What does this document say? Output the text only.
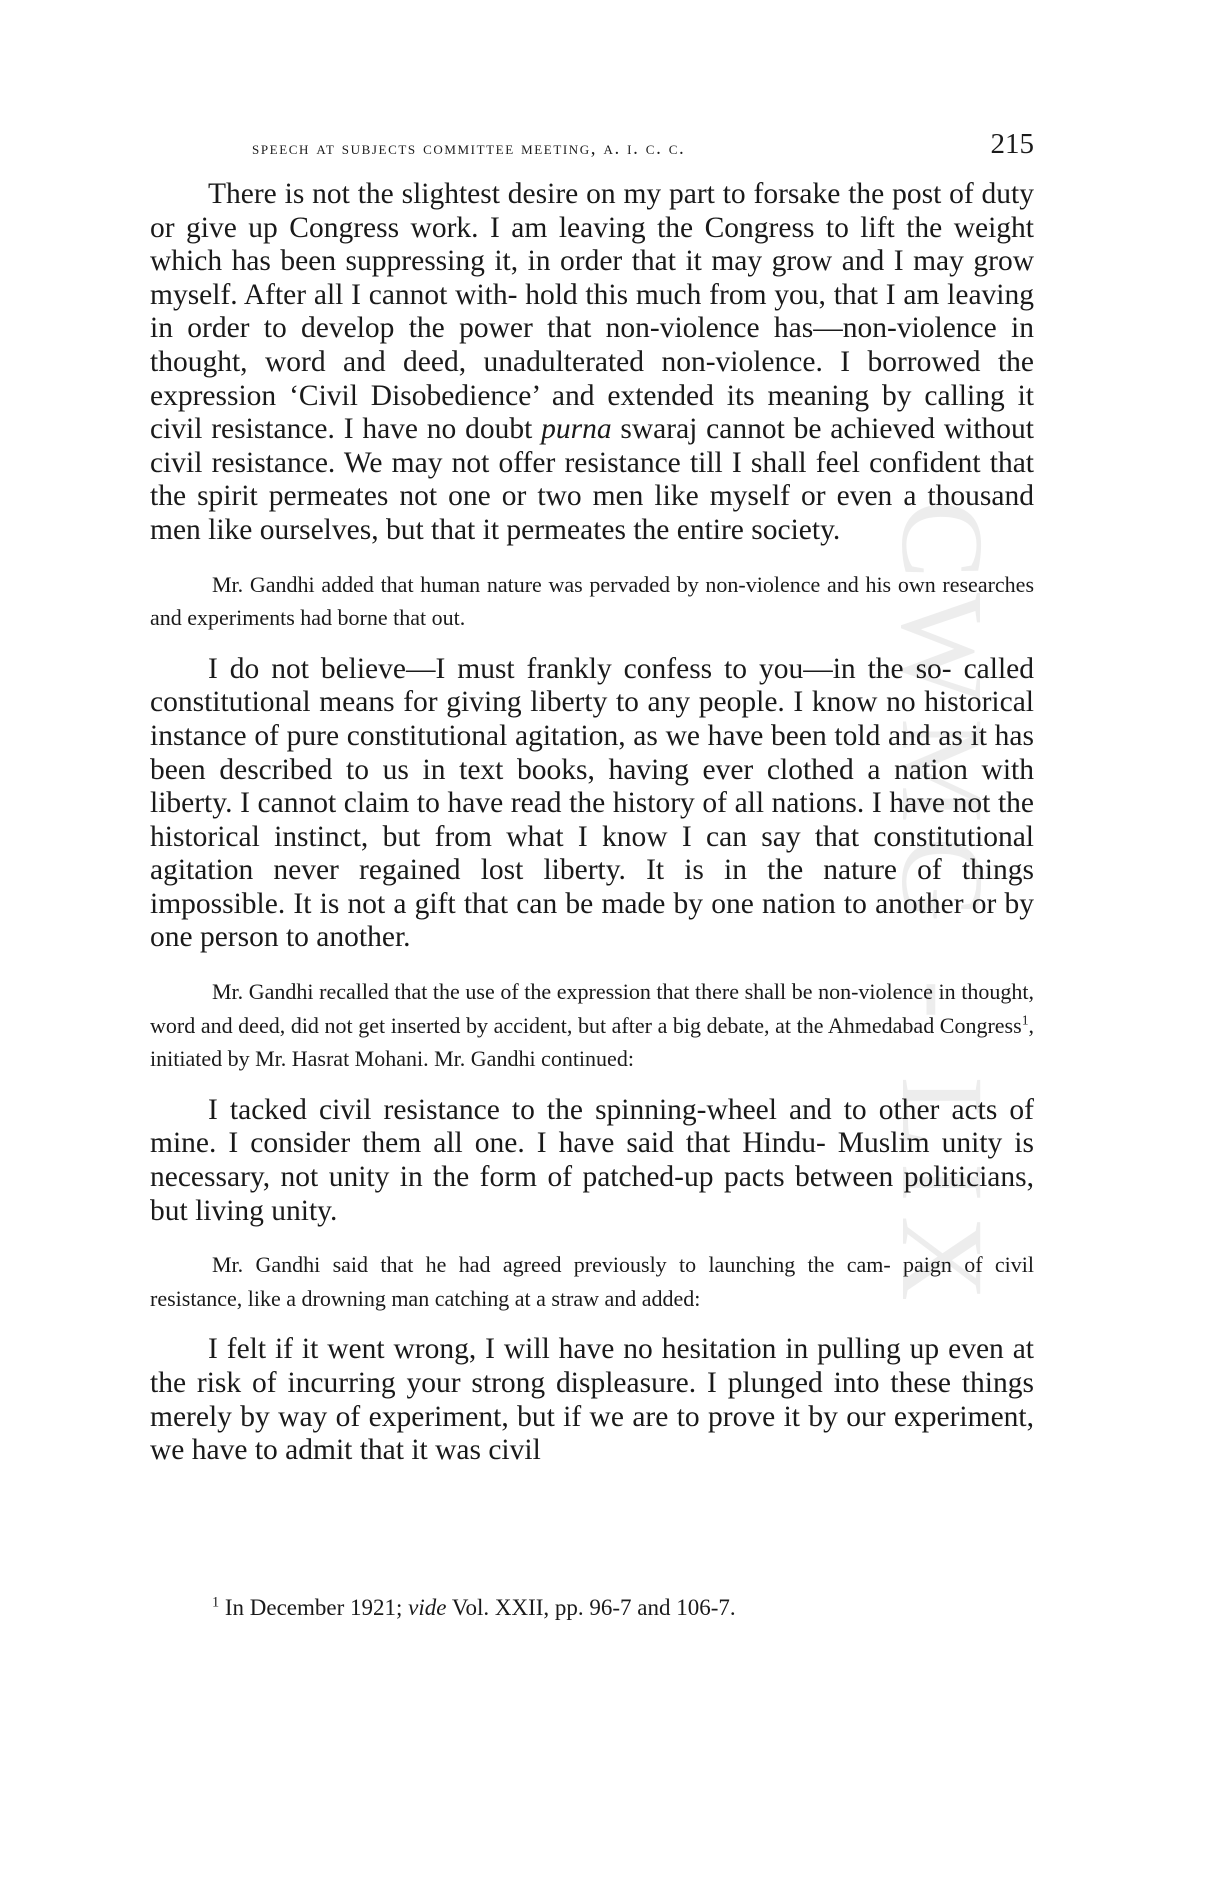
CWMG - LIX
speech at subjects committee meeting, a. i. c. c.	215

There is not the slightest desire on my part to forsake the post of duty or give up Congress work. I am leaving the Congress to lift the weight which has been suppressing it, in order that it may grow and I may grow myself. After all I cannot with- hold this much from you, that I am leaving in order to develop the power that non-violence has—non-violence in thought, word and deed, unadulterated non-violence. I borrowed the expression ‘Civil Disobedience’ and extended its meaning by calling it civil resistance. I have no doubt purna swaraj cannot be achieved without civil resistance. We may not offer resistance till I shall feel confident that the spirit permeates not one or two men like myself or even a thousand men like ourselves, but that it permeates the entire society.

Mr. Gandhi added that human nature was pervaded by non-violence and his own researches and experiments had borne that out.

I do not believe—I must frankly confess to you—in the so- called constitutional means for giving liberty to any people. I know no historical instance of pure constitutional agitation, as we have been told and as it has been described to us in text books, having ever clothed a nation with liberty. I cannot claim to have read the history of all nations. I have not the historical instinct, but from what I know I can say that constitutional agitation never regained lost liberty. It is in the nature of things impossible. It is not a gift that can be made by one nation to another or by one person to another.

Mr. Gandhi recalled that the use of the expression that there shall be non-violence in thought, word and deed, did not get inserted by accident, but after a big debate, at the Ahmedabad Congress$^1$, initiated by Mr. Hasrat Mohani. Mr. Gandhi continued:

I tacked civil resistance to the spinning-wheel and to other acts of mine. I consider them all one. I have said that Hindu- Muslim unity is necessary, not unity in the form of patched-up pacts between politicians, but living unity.

Mr. Gandhi said that he had agreed previously to launching the cam- paign of civil resistance, like a drowning man catching at a straw and added:

I felt if it went wrong, I will have no hesitation in pulling up even at the risk of incurring your strong displeasure. I plunged into these things merely by way of experiment, but if we are to prove it by our experiment, we have to admit that it was civil

$^1$ In December 1921; vide Vol. XXII, pp. 96-7 and 106-7.
